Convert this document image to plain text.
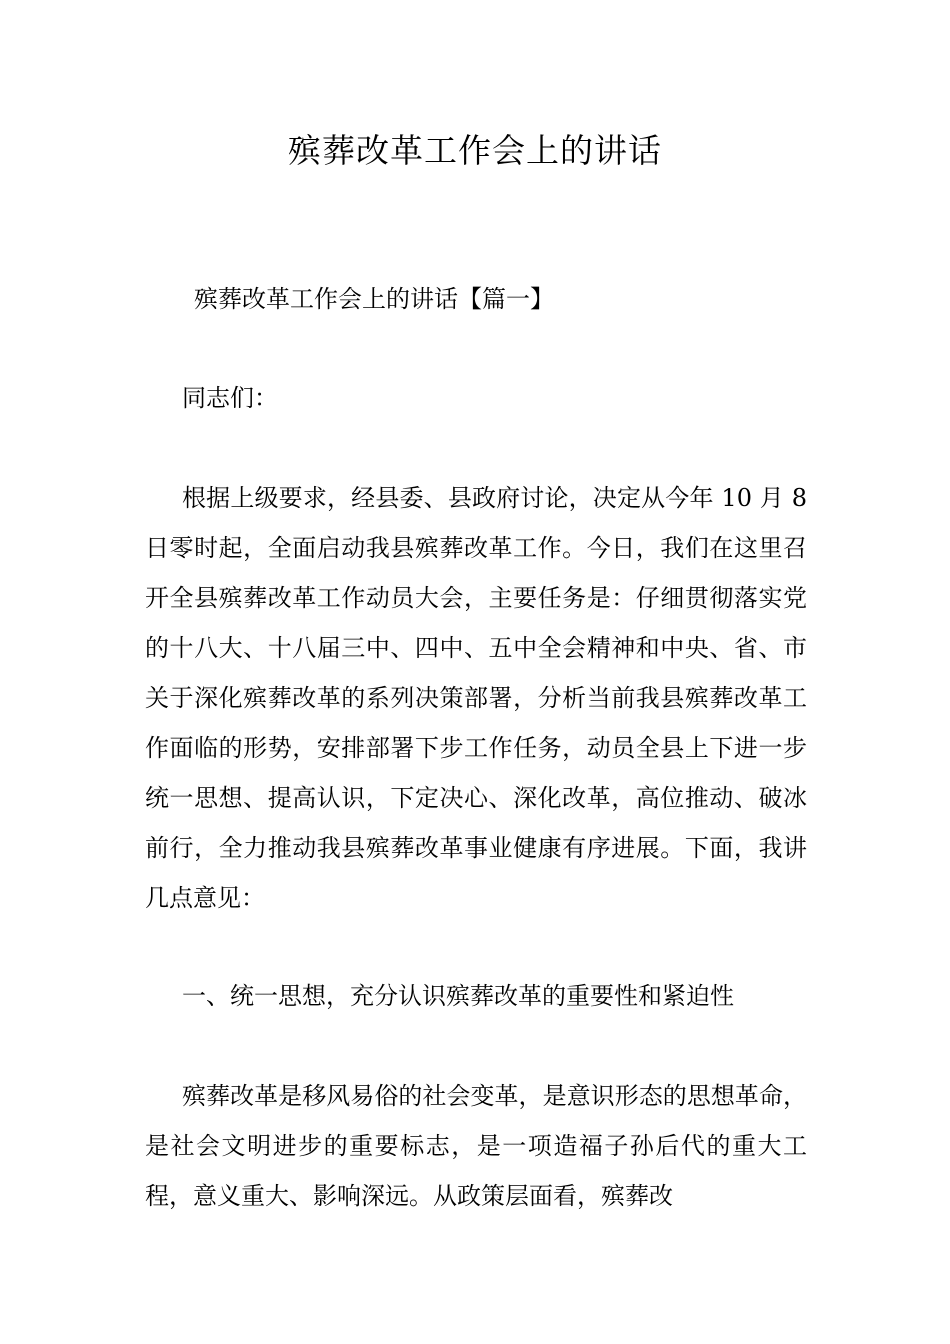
殡葬改革工作会上的讲话
殡葬改革工作会上的讲话【篇一】
同志们：
根据上级要求，经县委、县政府讨论，决定从今年 10 月 8 日零时起，全面启动我县殡葬改革工作。今日，我们在这里召开全县殡葬改革工作动员大会，主要任务是：仔细贯彻落实党的十八大、十八届三中、四中、五中全会精神和中央、省、市关于深化殡葬改革的系列决策部署，分析当前我县殡葬改革工作面临的形势，安排部署下步工作任务，动员全县上下进一步统一思想、提高认识，下定决心、深化改革，高位推动、破冰前行，全力推动我县殡葬改革事业健康有序进展。下面，我讲几点意见：
一、统一思想，充分认识殡葬改革的重要性和紧迫性
殡葬改革是移风易俗的社会变革，是意识形态的思想革命，是社会文明进步的重要标志，是一项造福子孙后代的重大工程，意义重大、影响深远。从政策层面看，殡葬改
